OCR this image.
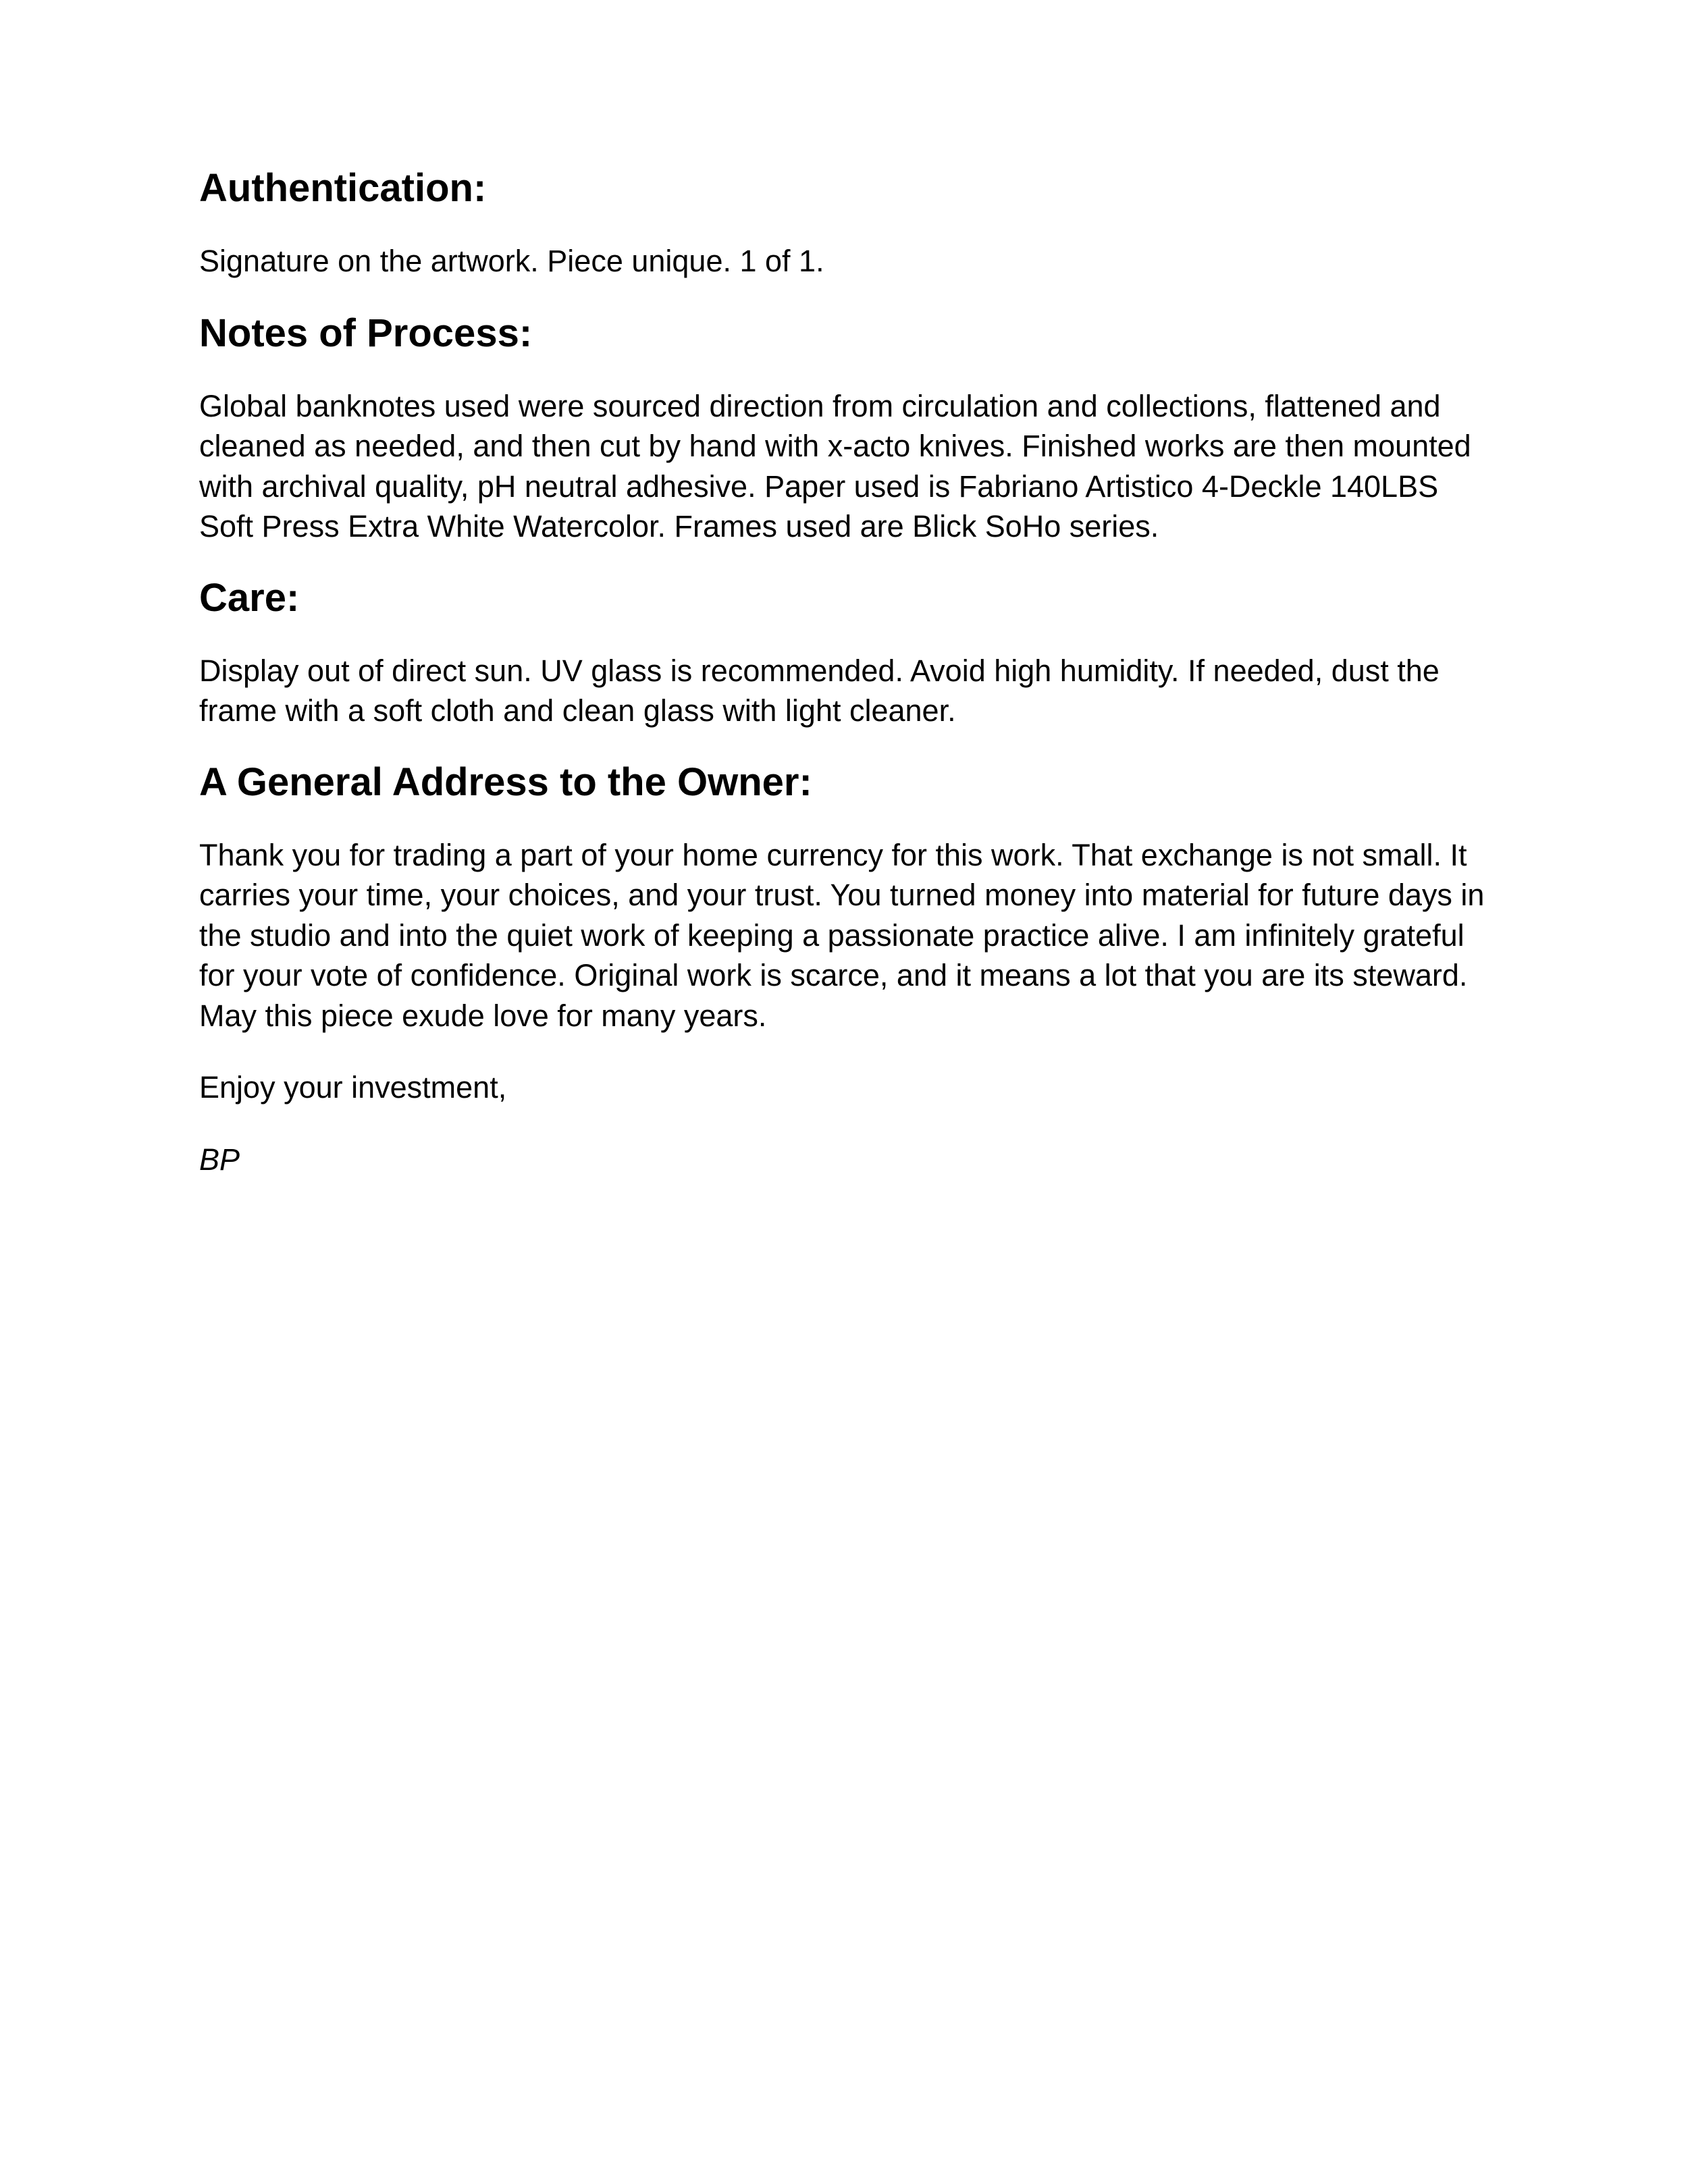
Authentication:

Signature on the artwork. Piece unique. 1 of 1.

Notes of Process:

Global banknotes used were sourced direction from circulation and collections, flattened and
cleaned as needed, and then cut by hand with x-acto knives. Finished works are then mounted
with archival quality, pH neutral adhesive. Paper used is Fabriano Artistico 4-Deckle 140LBS
Soft Press Extra White Watercolor. Frames used are Blick SoHo series.

Care:

Display out of direct sun. UV glass is recommended. Avoid high humidity. If needed, dust the
frame with a soft cloth and clean glass with light cleaner.

A General Address to the Owner:

Thank you for trading a part of your home currency for this work. That exchange is not small. It
carries your time, your choices, and your trust. You turned money into material for future days in
the studio and into the quiet work of keeping a passionate practice alive. I am infinitely grateful
for your vote of confidence. Original work is scarce, and it means a lot that you are its steward.
May this piece exude love for many years.

Enjoy your investment,

BP
